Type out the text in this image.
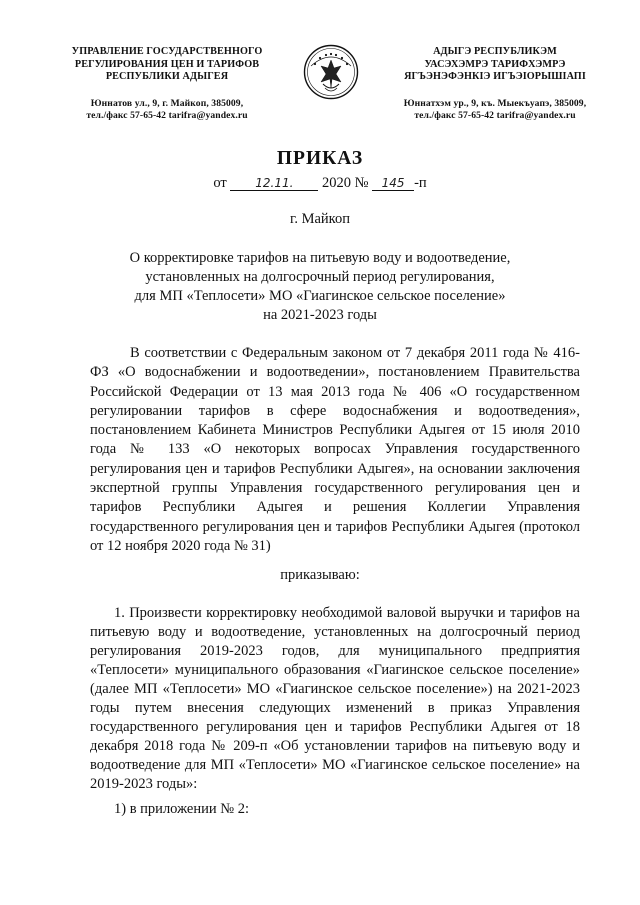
УПРАВЛЕНИЕ ГОСУДАРСТВЕННОГО
РЕГУЛИРОВАНИЯ ЦЕН И ТАРИФОВ
РЕСПУБЛИКИ АДЫГЕЯ
Юннатов ул., 9, г. Майкоп, 385009,
тел./факс 57-65-42 tarifra@yandex.ru
АДЫГЭ РЕСПУБЛИКЭМ
УАСЭХЭМРЭ ТАРИФХЭМРЭ
ЯГЪЭНЭФЭНКIЭ ИГЪЭIОРЫШIАПI
Юннатхэм ур., 9, къ. Мыекъуапэ, 385009,
тел./факс 57-65-42 tarifra@yandex.ru
ПРИКАЗ
от 12.11. 2020 № 145 -п
г. Майкоп
О корректировке тарифов на питьевую воду и водоотведение,
установленных на долгосрочный период регулирования,
для МП «Теплосети» МО «Гиагинское сельское поселение»
на 2021-2023 годы
В соответствии с Федеральным законом от 7 декабря 2011 года № 416-ФЗ «О водоснабжении и водоотведении», постановлением Правительства Российской Федерации от 13 мая 2013 года № 406 «О государственном регулировании тарифов в сфере водоснабжения и водоотведения», постановлением Кабинета Министров Республики Адыгея от 15 июля 2010 года № 133 «О некоторых вопросах Управления государственного регулирования цен и тарифов Республики Адыгея», на основании заключения экспертной группы Управления государственного регулирования цен и тарифов Республики Адыгея и решения Коллегии Управления государственного регулирования цен и тарифов Республики Адыгея (протокол от 12 ноября 2020 года № 31)
приказываю:
1. Произвести корректировку необходимой валовой выручки и тарифов на питьевую воду и водоотведение, установленных на долгосрочный период регулирования 2019-2023 годов, для муниципального предприятия «Теплосети» муниципального образования «Гиагинское сельское поселение» (далее МП «Теплосети» МО «Гиагинское сельское поселение») на 2021-2023 годы путем внесения следующих изменений в приказ Управления государственного регулирования цен и тарифов Республики Адыгея от 18 декабря 2018 года № 209-п «Об установлении тарифов на питьевую воду и водоотведение для МП «Теплосети» МО «Гиагинское сельское поселение» на 2019-2023 годы»:
1) в приложении № 2:
